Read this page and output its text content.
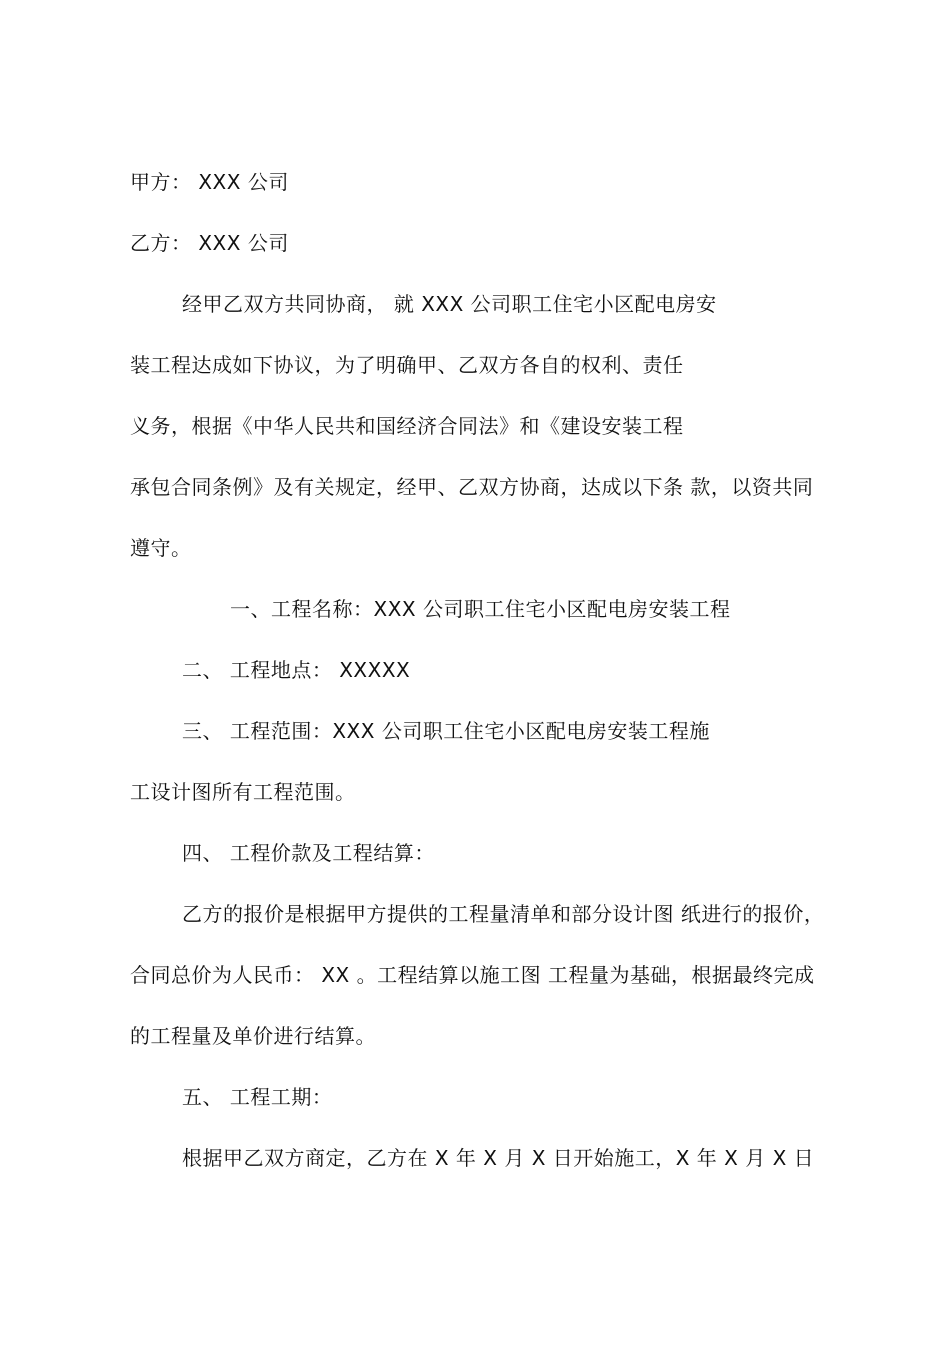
甲方： XXX 公司
乙方： XXX 公司
经甲乙双方共同协商， 就 XXX 公司职工住宅小区配电房安
装工程达成如下协议，为了明确甲、乙双方各自的权利、责任
义务，根据《中华人民共和国经济合同法》和《建设安装工程
承包合同条例》及有关规定，经甲、乙双方协商，达成以下条 款，以资共同
遵守。
一、工程名称：XXX 公司职工住宅小区配电房安装工程
二、 工程地点： XXXXX
三、 工程范围：XXX 公司职工住宅小区配电房安装工程施
工设计图所有工程范围。
四、 工程价款及工程结算：
乙方的报价是根据甲方提供的工程量清单和部分设计图 纸进行的报价，
合同总价为人民币： XX 。工程结算以施工图 工程量为基础，根据最终完成
的工程量及单价进行结算。
五、 工程工期：
根据甲乙双方商定，乙方在 X 年 X 月 X 日开始施工，X 年 X 月 X 日
